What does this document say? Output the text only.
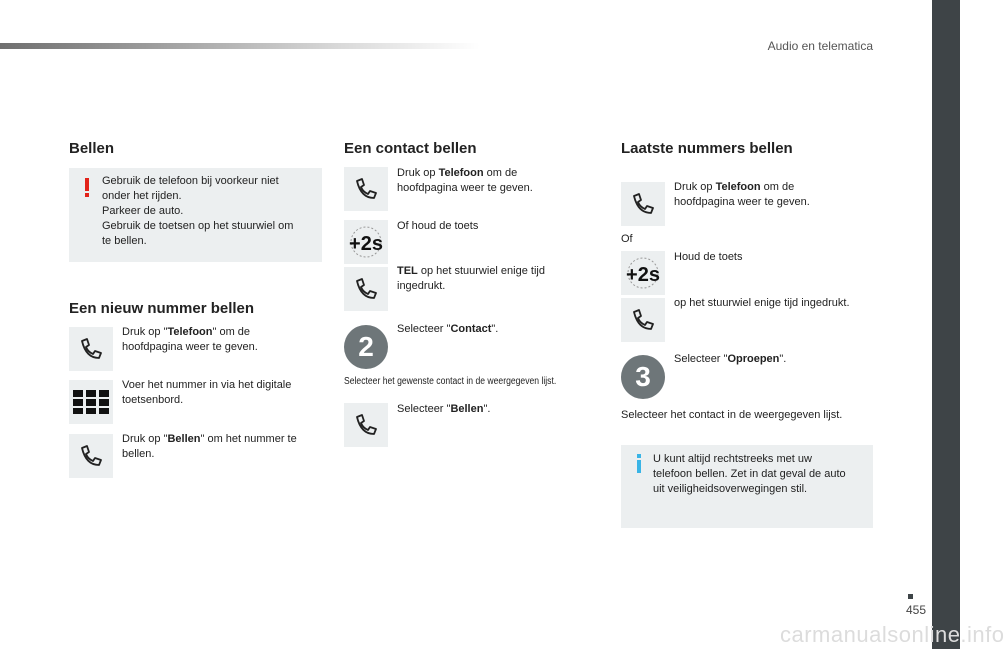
Audio en telematica
Bellen
Gebruik de telefoon bij voorkeur niet
onder het rijden.
Parkeer de auto.
Gebruik de toetsen op het stuurwiel om
te bellen.
Een nieuw nummer bellen
Druk op "Telefoon" om de
hoofdpagina weer te geven.
Voer het nummer in via het digitale
toetsenbord.
Druk op "Bellen" om het nummer te
bellen.
Een contact bellen
Druk op Telefoon om de
hoofdpagina weer te geven.
+2s
Of houd de toets
TEL op het stuurwiel enige tijd
ingedrukt.
2
Selecteer "Contact".
Selecteer het gewenste contact in de weergegeven lijst.
Selecteer "Bellen".
Laatste nummers bellen
Druk op Telefoon om de
hoofdpagina weer te geven.
Of
+2s
Houd de toets
op het stuurwiel enige tijd ingedrukt.
3
Selecteer "Oproepen".
Selecteer het contact in de weergegeven lijst.
U kunt altijd rechtstreeks met uw
telefoon bellen. Zet in dat geval de auto
uit veiligheidsoverwegingen stil.
455
carmanualsonline.info
